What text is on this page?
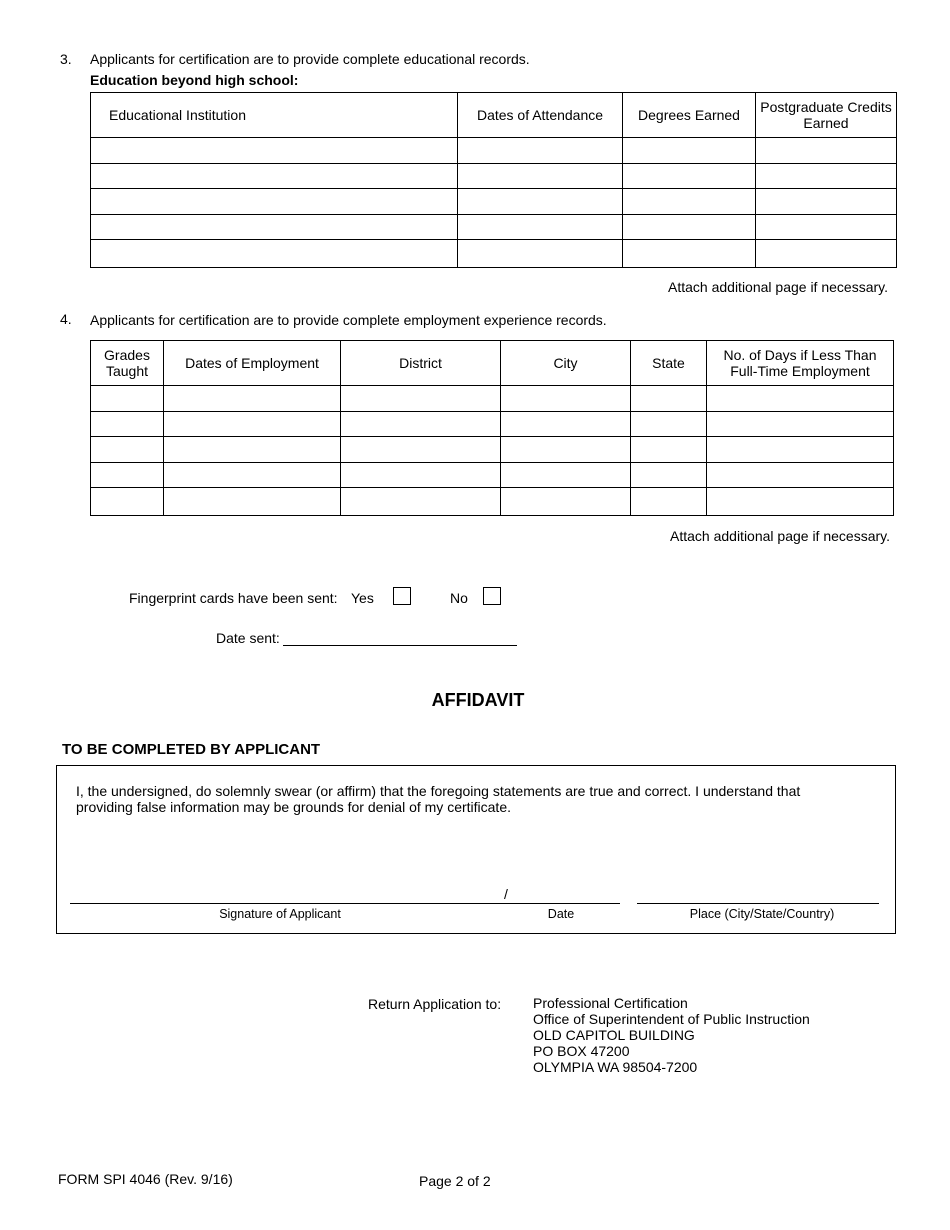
3. Applicants for certification are to provide complete educational records.
Education beyond high school:
Educational Institution	Dates of Attendance	Degrees Earned	Postgraduate Credits Earned

Attach additional page if necessary.
4. Applicants for certification are to provide complete employment experience records.
Grades Taught	Dates of Employment	District	City	State	No. of Days if Less Than Full-Time Employment

Attach additional page if necessary.
Fingerprint cards have been sent: Yes	No
Date sent:
AFFIDAVIT
TO BE COMPLETED BY APPLICANT
I, the undersigned, do solemnly swear (or affirm) that the foregoing statements are true and correct. I understand that
providing false information may be grounds for denial of my certificate.
/
Signature of Applicant	Date	Place (City/State/Country)
Return Application to: Professional Certification
Office of Superintendent of Public Instruction
OLD CAPITOL BUILDING
PO BOX 47200
OLYMPIA WA 98504-7200
FORM SPI 4046 (Rev. 9/16)	Page 2 of 2
